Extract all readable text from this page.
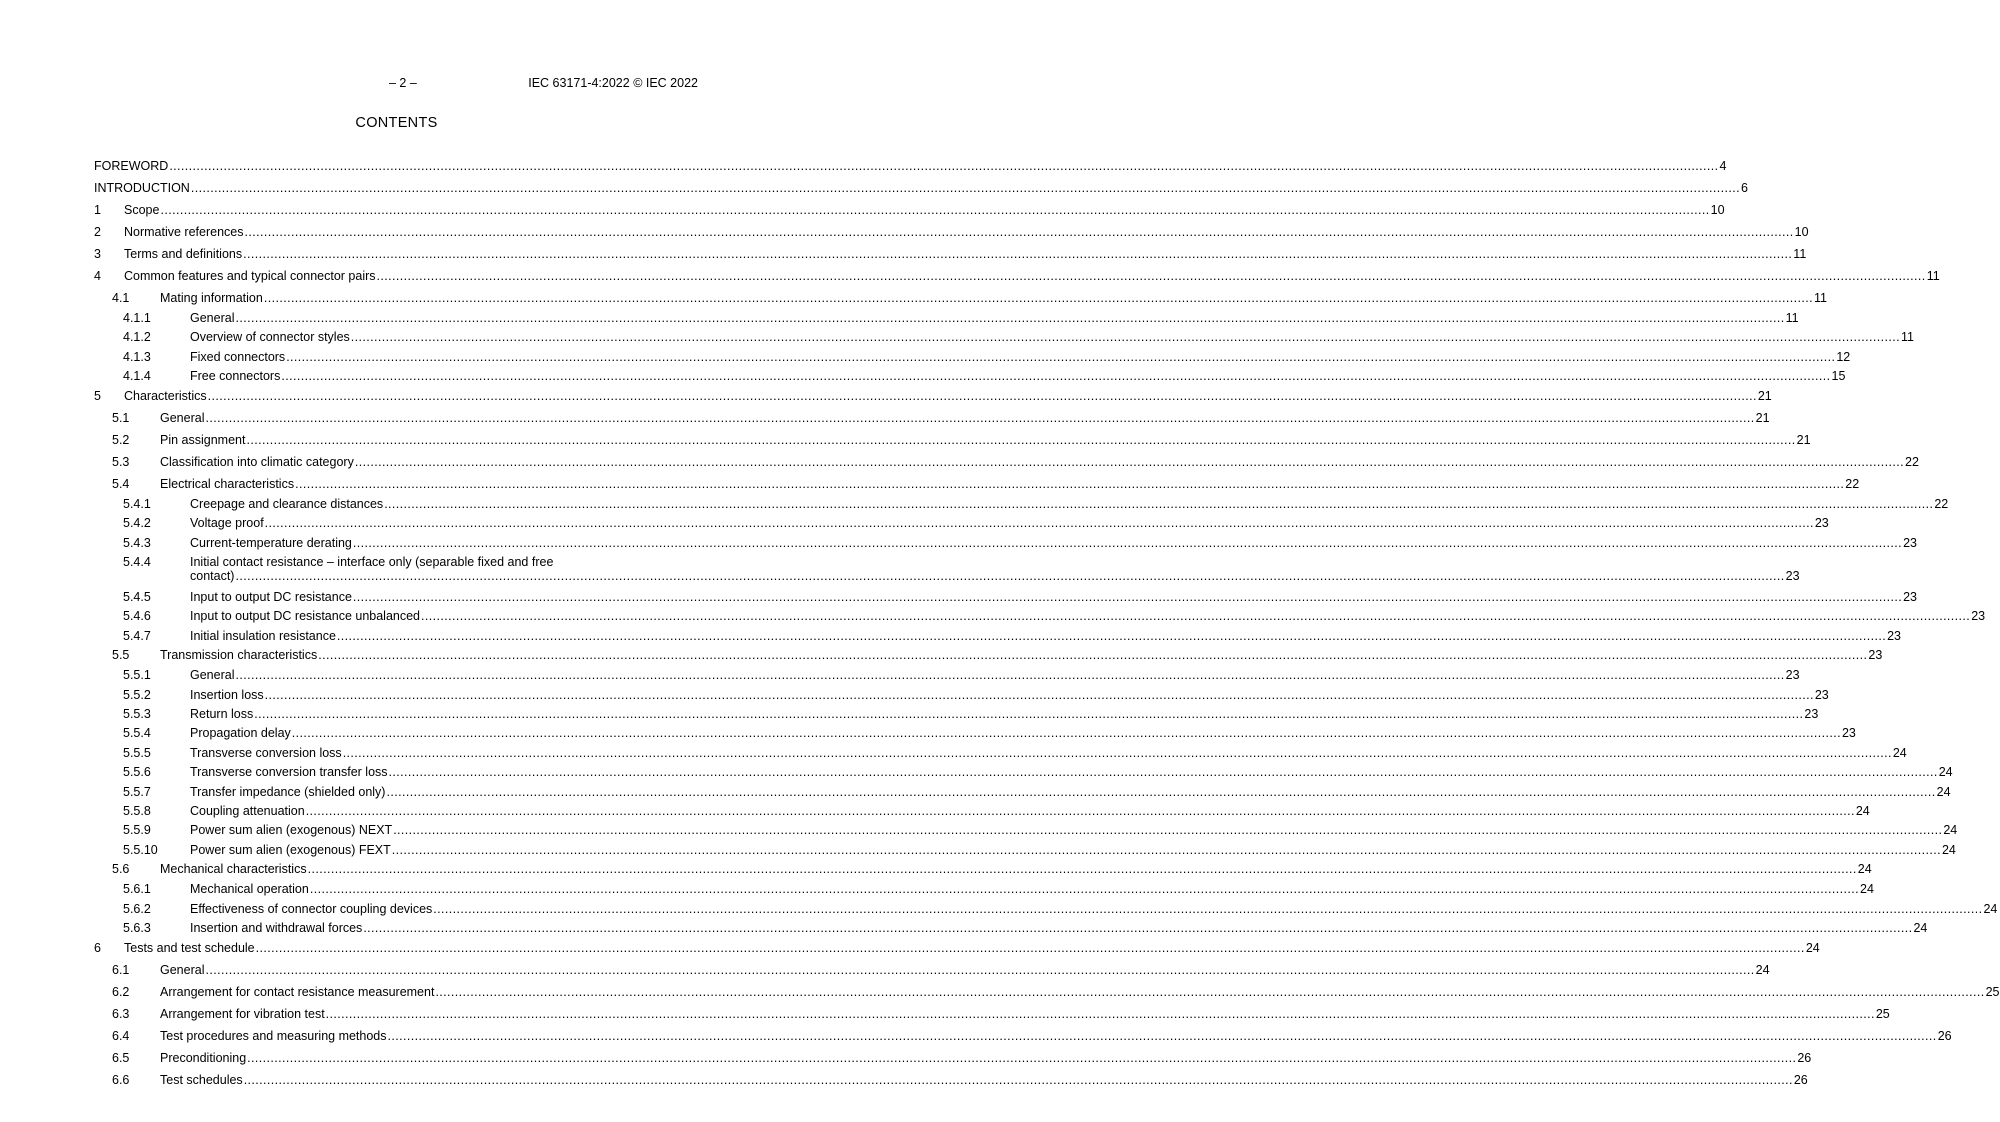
– 2 –	IEC 63171-4:2022 © IEC 2022
CONTENTS
FOREWORD ................................................................................................................................................................................................................................................................................................................................................................................................................ 4
INTRODUCTION ................................................................................................................................................................................................................................................................................................................................................................................................................ 6
1 Scope ................................................................................................................................................................................................................................................................................................................................................................................................................ 10
2 Normative references ................................................................................................................................................................................................................................................................................................................................................................................................................ 10
3 Terms and definitions ................................................................................................................................................................................................................................................................................................................................................................................................................ 11
4 Common features and typical connector pairs ................................................................................................................................................................................................................................................................................................................................................................................................................ 11
4.1 Mating information ................................................................................................................................................................................................................................................................................................................................................................................................................ 11
4.1.1	General ................................................................................................................................................................................................................................................................................................................................................................................................................ 11
4.1.2	Overview of connector styles ................................................................................................................................................................................................................................................................................................................................................................................................................ 11
4.1.3	Fixed connectors ................................................................................................................................................................................................................................................................................................................................................................................................................ 12
4.1.4	Free connectors ................................................................................................................................................................................................................................................................................................................................................................................................................ 15
5 Characteristics ................................................................................................................................................................................................................................................................................................................................................................................................................ 21
5.1 General ................................................................................................................................................................................................................................................................................................................................................................................................................ 21
5.2 Pin assignment ................................................................................................................................................................................................................................................................................................................................................................................................................ 21
5.3 Classification into climatic category ................................................................................................................................................................................................................................................................................................................................................................................................................ 22
5.4 Electrical characteristics ................................................................................................................................................................................................................................................................................................................................................................................................................ 22
5.4.1	Creepage and clearance distances ................................................................................................................................................................................................................................................................................................................................................................................................................ 22
5.4.2	Voltage proof ................................................................................................................................................................................................................................................................................................................................................................................................................ 23
5.4.3	Current-temperature derating ................................................................................................................................................................................................................................................................................................................................................................................................................ 23
5.4.4	Initial contact resistance – interface only (separable fixed and free
contact) ................................................................................................................................................................................................................................................................................................................................................................................................................ 23
5.4.5	Input to output DC resistance ................................................................................................................................................................................................................................................................................................................................................................................................................ 23
5.4.6	Input to output DC resistance unbalanced ................................................................................................................................................................................................................................................................................................................................................................................................................ 23
5.4.7	Initial insulation resistance ................................................................................................................................................................................................................................................................................................................................................................................................................ 23
5.5 Transmission characteristics ................................................................................................................................................................................................................................................................................................................................................................................................................ 23
5.5.1	General ................................................................................................................................................................................................................................................................................................................................................................................................................ 23
5.5.2	Insertion loss ................................................................................................................................................................................................................................................................................................................................................................................................................ 23
5.5.3	Return loss ................................................................................................................................................................................................................................................................................................................................................................................................................ 23
5.5.4	Propagation delay ................................................................................................................................................................................................................................................................................................................................................................................................................ 23
5.5.5	Transverse conversion loss ................................................................................................................................................................................................................................................................................................................................................................................................................ 24
5.5.6	Transverse conversion transfer loss ................................................................................................................................................................................................................................................................................................................................................................................................................ 24
5.5.7	Transfer impedance (shielded only) ................................................................................................................................................................................................................................................................................................................................................................................................................ 24
5.5.8	Coupling attenuation ................................................................................................................................................................................................................................................................................................................................................................................................................ 24
5.5.9	Power sum alien (exogenous) NEXT ................................................................................................................................................................................................................................................................................................................................................................................................................ 24
5.5.10	Power sum alien (exogenous) FEXT ................................................................................................................................................................................................................................................................................................................................................................................................................ 24
5.6 Mechanical characteristics ................................................................................................................................................................................................................................................................................................................................................................................................................ 24
5.6.1	Mechanical operation ................................................................................................................................................................................................................................................................................................................................................................................................................ 24
5.6.2	Effectiveness of connector coupling devices ................................................................................................................................................................................................................................................................................................................................................................................................................ 24
5.6.3	Insertion and withdrawal forces ................................................................................................................................................................................................................................................................................................................................................................................................................ 24
6 Tests and test schedule ................................................................................................................................................................................................................................................................................................................................................................................................................ 24
6.1 General ................................................................................................................................................................................................................................................................................................................................................................................................................ 24
6.2 Arrangement for contact resistance measurement ................................................................................................................................................................................................................................................................................................................................................................................................................ 25
6.3 Arrangement for vibration test ................................................................................................................................................................................................................................................................................................................................................................................................................ 25
6.4 Test procedures and measuring methods ................................................................................................................................................................................................................................................................................................................................................................................................................ 26
6.5 Preconditioning ................................................................................................................................................................................................................................................................................................................................................................................................................ 26
6.6 Test schedules ................................................................................................................................................................................................................................................................................................................................................................................................................ 26
